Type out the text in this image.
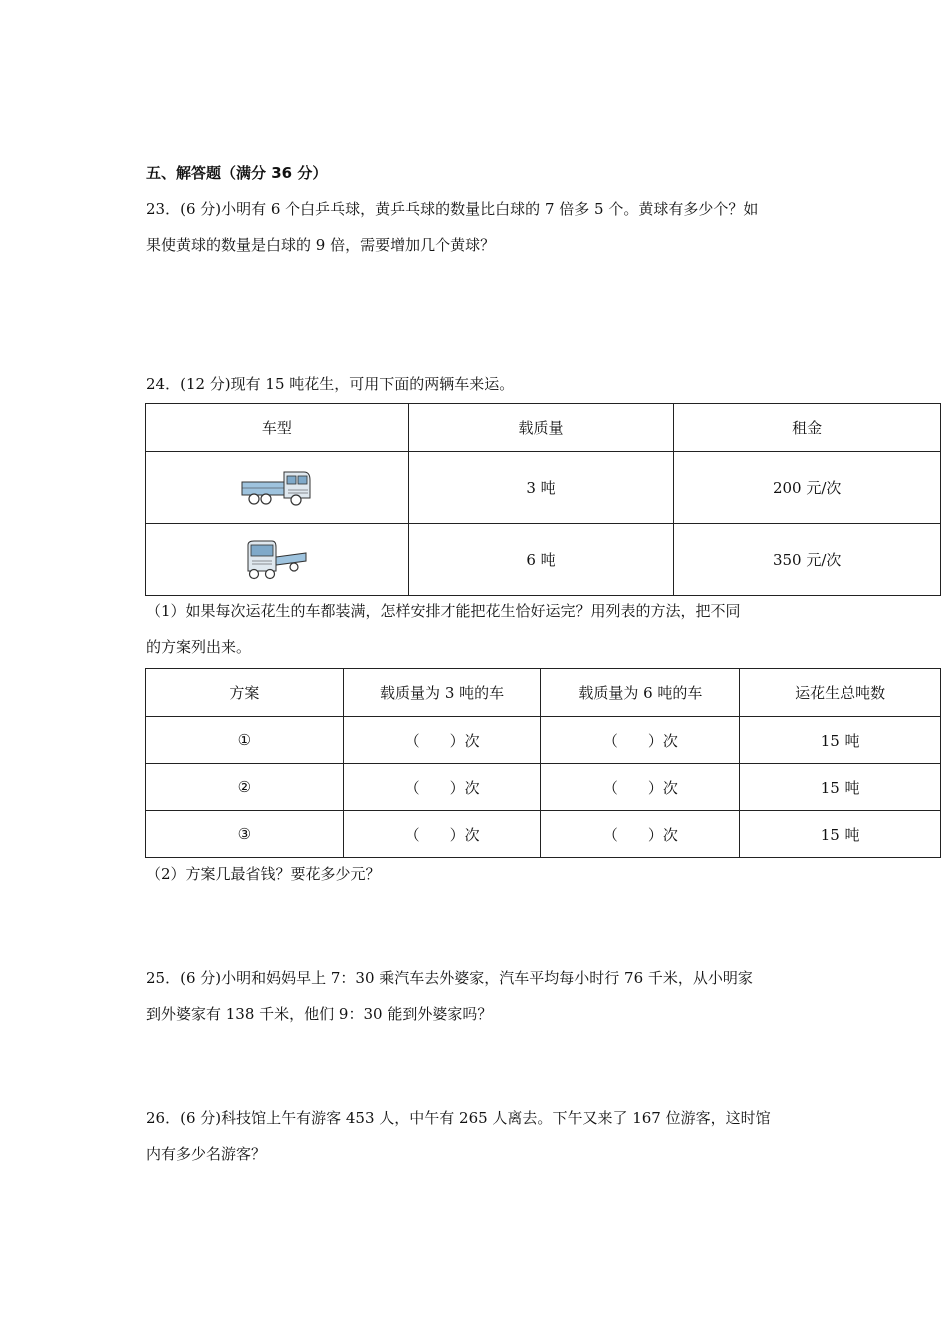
五、解答题（满分 36 分）
23．(6 分)小明有 6 个白乒乓球，黄乒乓球的数量比白球的 7 倍多 5 个。黄球有多少个？如
果使黄球的数量是白球的 9 倍，需要增加几个黄球？
24．(12 分)现有 15 吨花生，可用下面的两辆车来运。
车型	载质量	租金
	3 吨	200 元/次
	6 吨	350 元/次
（1）如果每次运花生的车都装满，怎样安排才能把花生恰好运完？用列表的方法，把不同
的方案列出来。
方案	载质量为 3 吨的车	载质量为 6 吨的车	运花生总吨数
①	（　　）次	（　　）次	15 吨
②	（　　）次	（　　）次	15 吨
③	（　　）次	（　　）次	15 吨
（2）方案几最省钱？要花多少元？
25．(6 分)小明和妈妈早上 7：30 乘汽车去外婆家，汽车平均每小时行 76 千米，从小明家
到外婆家有 138 千米，他们 9：30 能到外婆家吗？
26．(6 分)科技馆上午有游客 453 人，中午有 265 人离去。下午又来了 167 位游客，这时馆
内有多少名游客？
